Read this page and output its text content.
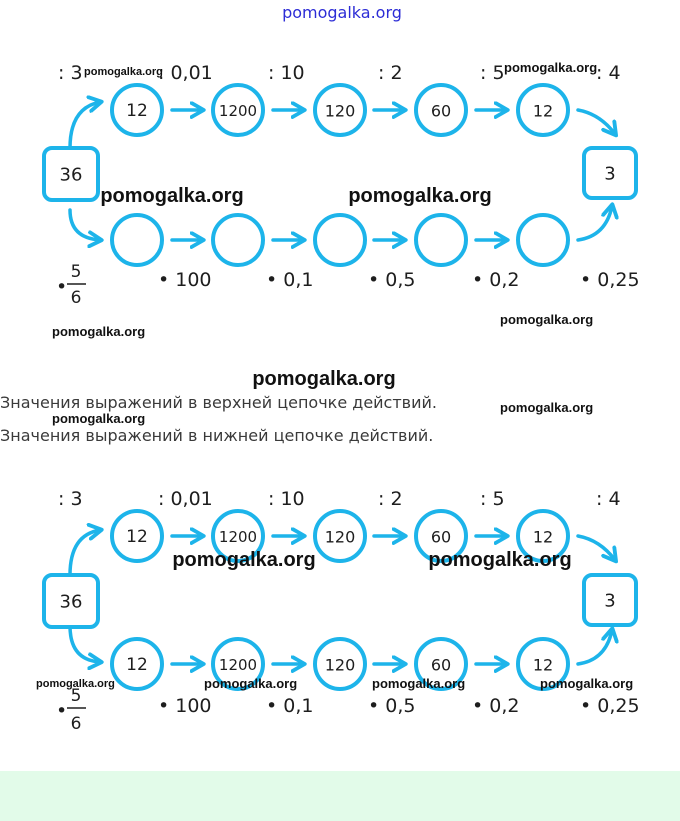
pomogalka.org
36	3
12	1200	120	60	12
: 3	: 0,01	: 10	: 2	: 5	: 4
•
5
6
• 100	• 0,1	• 0,5	• 0,2	• 0,25
Значения выражений в верхней цепочке действий.
Значения выражений в нижней цепочке действий.
36	3
12	1200	120	60	12
12	1200	120	60	12
: 3	: 0,01	: 10	: 2	: 5	: 4
•
5
6
• 100	• 0,1	• 0,5	• 0,2	• 0,25
pomogalka.org	pomogalka.org
pomogalka.org	pomogalka.org
pomogalka.org
pomogalka.org
pomogalka.org
pomogalka.org
pomogalka.org
pomogalka.org	pomogalka.org
pomogalka.org	pomogalka.org	pomogalka.org	pomogalka.org
